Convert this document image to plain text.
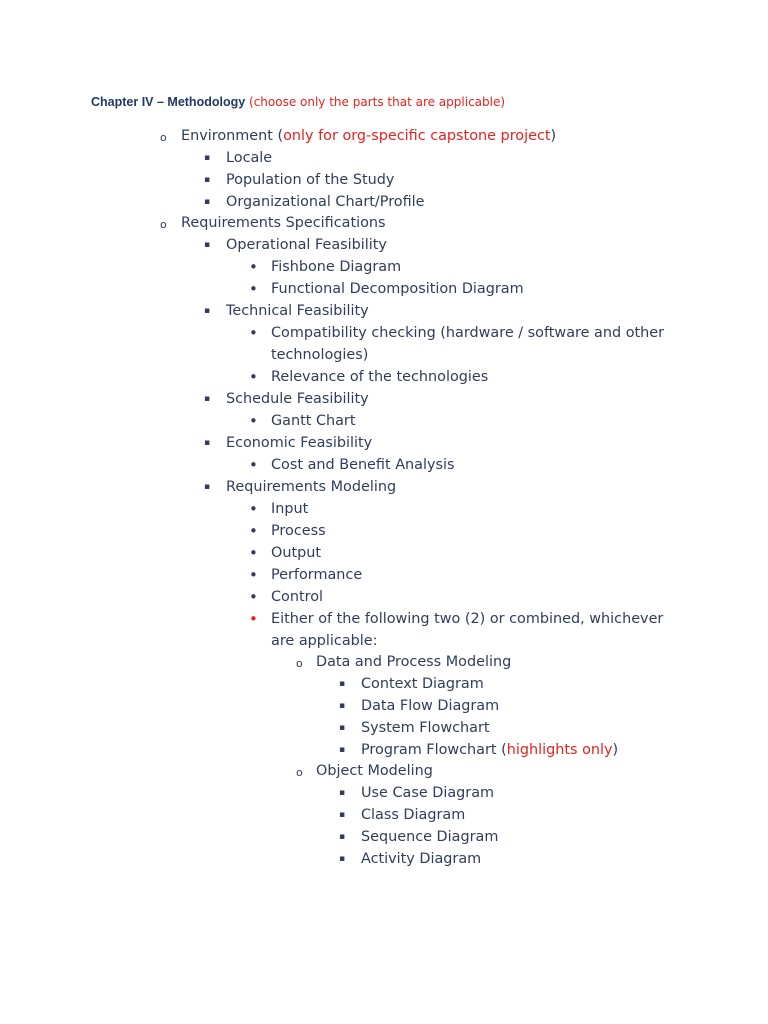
Chapter IV – Methodology (choose only the parts that are applicable)
o Environment (only for org-specific capstone project)
▪ Locale
▪ Population of the Study
▪ Organizational Chart/Profile
o Requirements Specifications
▪ Operational Feasibility
• Fishbone Diagram
• Functional Decomposition Diagram
▪ Technical Feasibility
• Compatibility checking (hardware / software and other
technologies)
• Relevance of the technologies
▪ Schedule Feasibility
• Gantt Chart
▪ Economic Feasibility
• Cost and Benefit Analysis
▪ Requirements Modeling
• Input
• Process
• Output
• Performance
• Control
• Either of the following two (2) or combined, whichever
are applicable:
o Data and Process Modeling
▪ Context Diagram
▪ Data Flow Diagram
▪ System Flowchart
▪ Program Flowchart (highlights only)
o Object Modeling
▪ Use Case Diagram
▪ Class Diagram
▪ Sequence Diagram
▪ Activity Diagram
